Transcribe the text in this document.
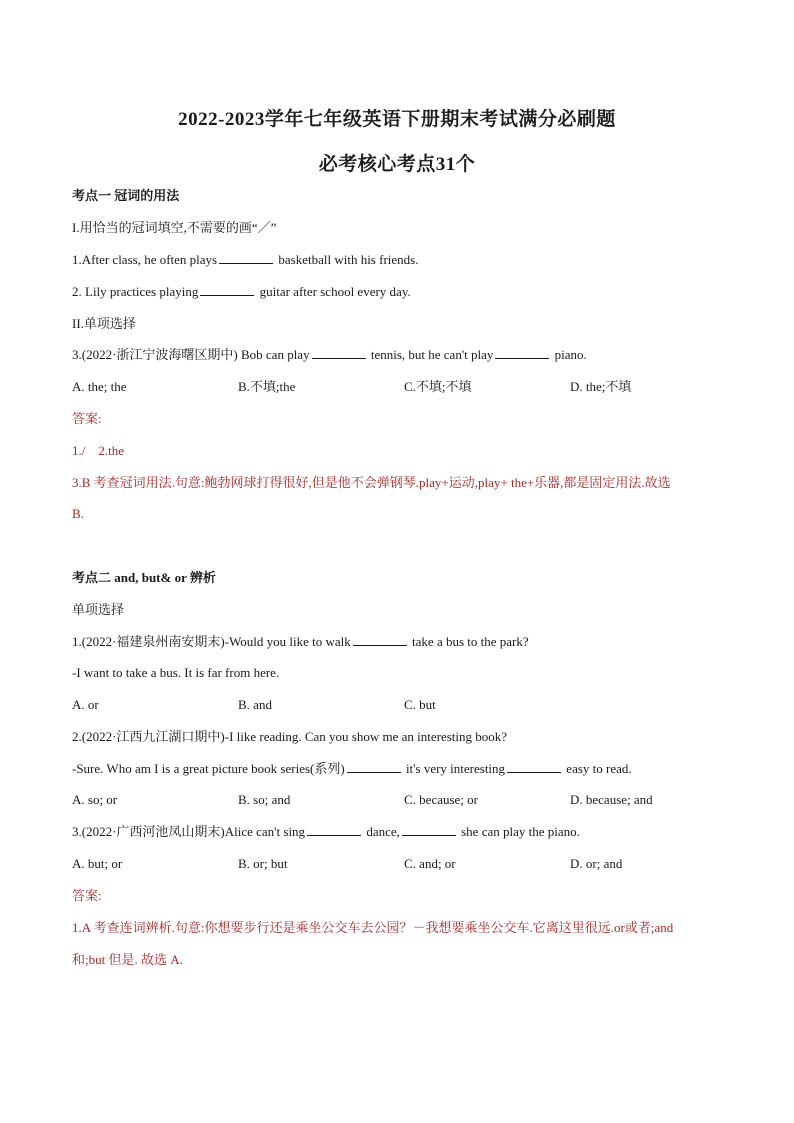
2022-2023学年七年级英语下册期末考试满分必刷题
必考核心考点31个
考点一 冠词的用法
I.用恰当的冠词填空,不需要的画“／”
1.After class, he often plays	basketball with his friends.
2. Lily practices playing	guitar after school every day.
II.单项选择
3.(2022·浙江宁波海曙区期中) Bob can play	tennis, but he can't play	piano.
A. the; the	B.不填;the	C.不填;不填	D. the;不填
答案:
1./    2.the
3.B 考查冠词用法.句意:鲍勃网球打得很好,但是他不会弹钢琴.play+运动,play+ the+乐器,都是固定用法.故选
B.
考点二 and, but& or 辨析
单项选择
1.(2022·福建泉州南安期末)-Would you like to walk	take a bus to the park?
-I want to take a bus. It is far from here.
A. or	B. and	C. but
2.(2022·江西九江湖口期中)-I like reading. Can you show me an interesting book?
-Sure. Who am I is a great picture book series(系列)	it's very interesting	easy to read.
A. so; or	B. so; and	C. because; or	D. because; and
3.(2022·广西河池凤山期末)Alice can't sing	dance,	she can play the piano.
A. but; or	B. or; but	C. and; or	D. or; and
答案:
1.A 考查连词辨析.句意:你想要步行还是乘坐公交车去公园？－我想要乘坐公交车.它离这里很远.or或者;and
和;but 但是. 故选 A.
